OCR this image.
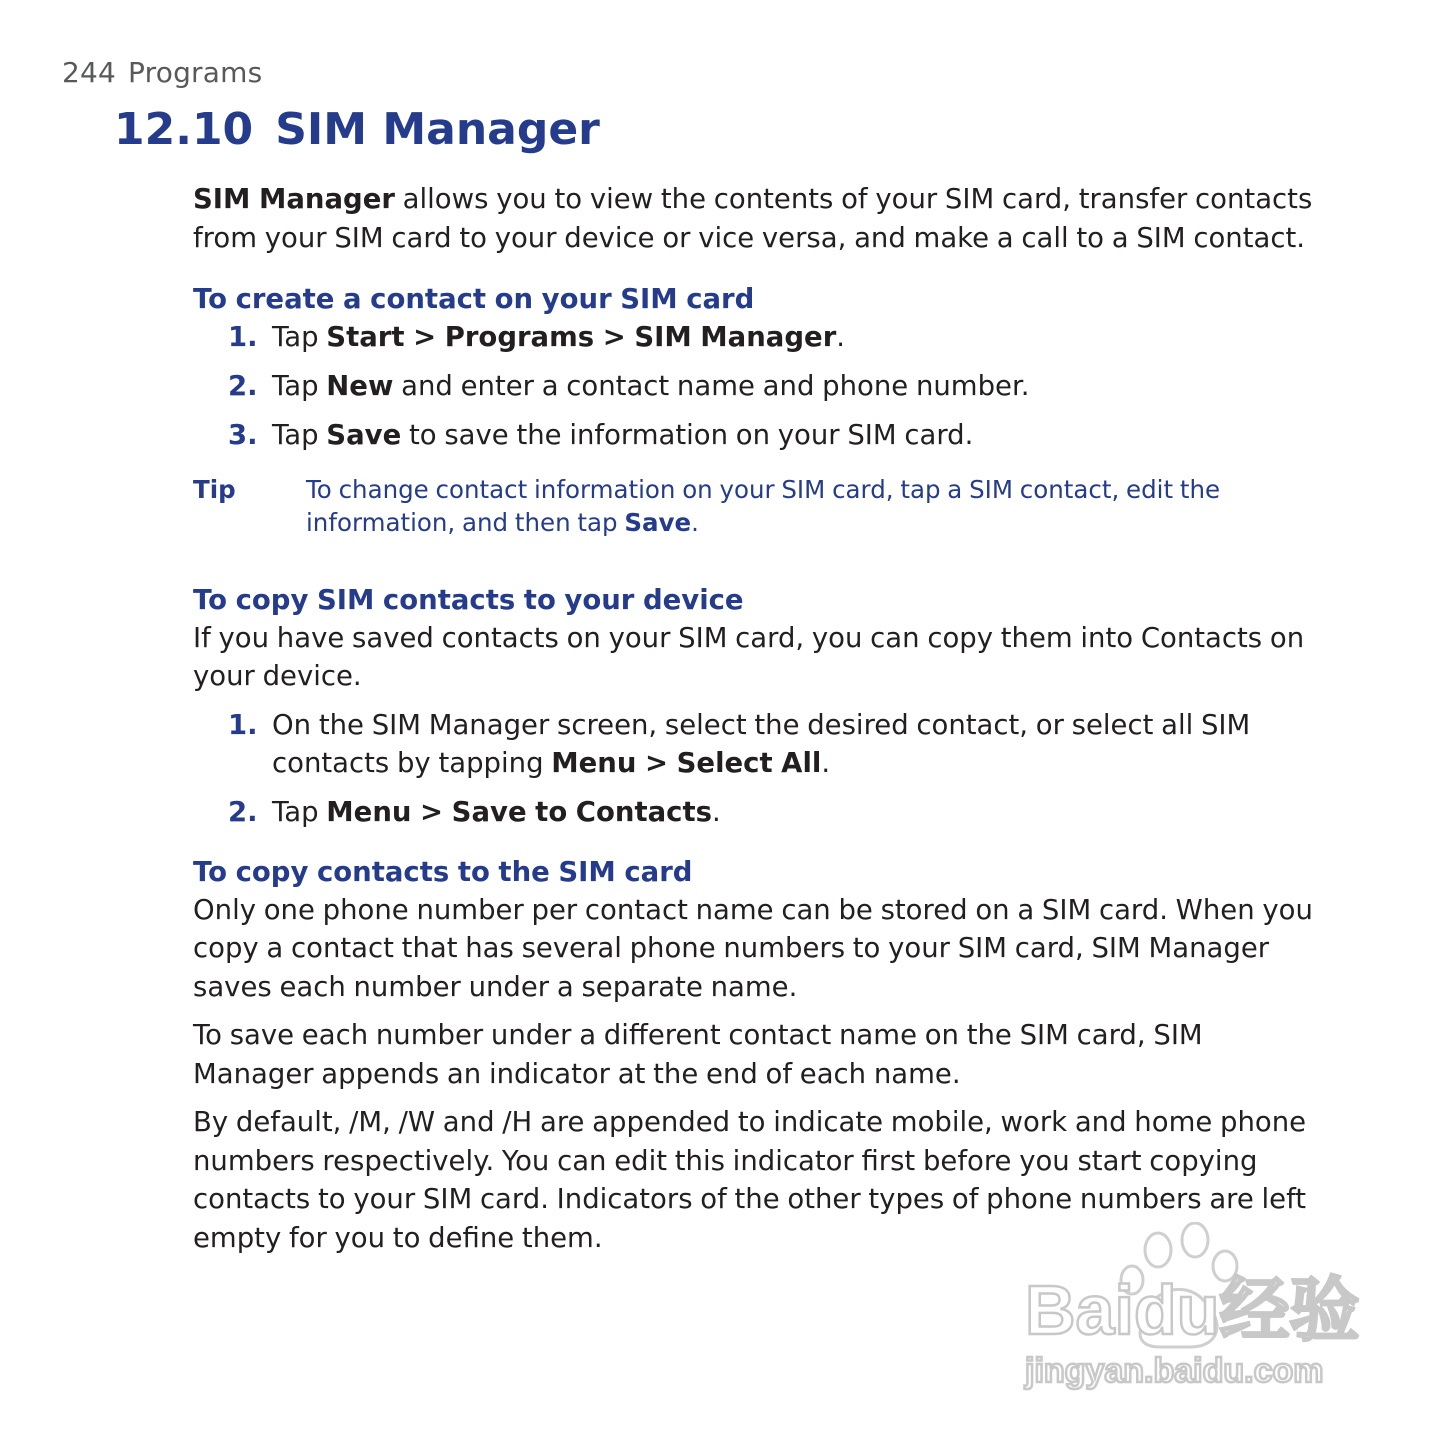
244 Programs
12.10 SIM Manager

SIM Manager allows you to view the contents of your SIM card, transfer contacts from your SIM card to your device or vice versa, and make a call to a SIM contact.

To create a contact on your SIM card
1. Tap Start > Programs > SIM Manager.
2. Tap New and enter a contact name and phone number.
3. Tap Save to save the information on your SIM card.
Tip	To change contact information on your SIM card, tap a SIM contact, edit the information, and then tap Save.
To copy SIM contacts to your device

If you have saved contacts on your SIM card, you can copy them into Contacts on your device.

1. On the SIM Manager screen, select the desired contact, or select all SIM contacts by tapping Menu > Select All.
2. Tap Menu > Save to Contacts.
To copy contacts to the SIM card

Only one phone number per contact name can be stored on a SIM card. When you copy a contact that has several phone numbers to your SIM card, SIM Manager saves each number under a separate name.

To save each number under a different contact name on the SIM card, SIM Manager appends an indicator at the end of each name.

By default, /M, /W and /H are appended to indicate mobile, work and home phone numbers respectively. You can edit this indicator first before you start copying contacts to your SIM card. Indicators of the other types of phone numbers are left empty for you to define them.

Baidu经验
jingyan.baidu.com
